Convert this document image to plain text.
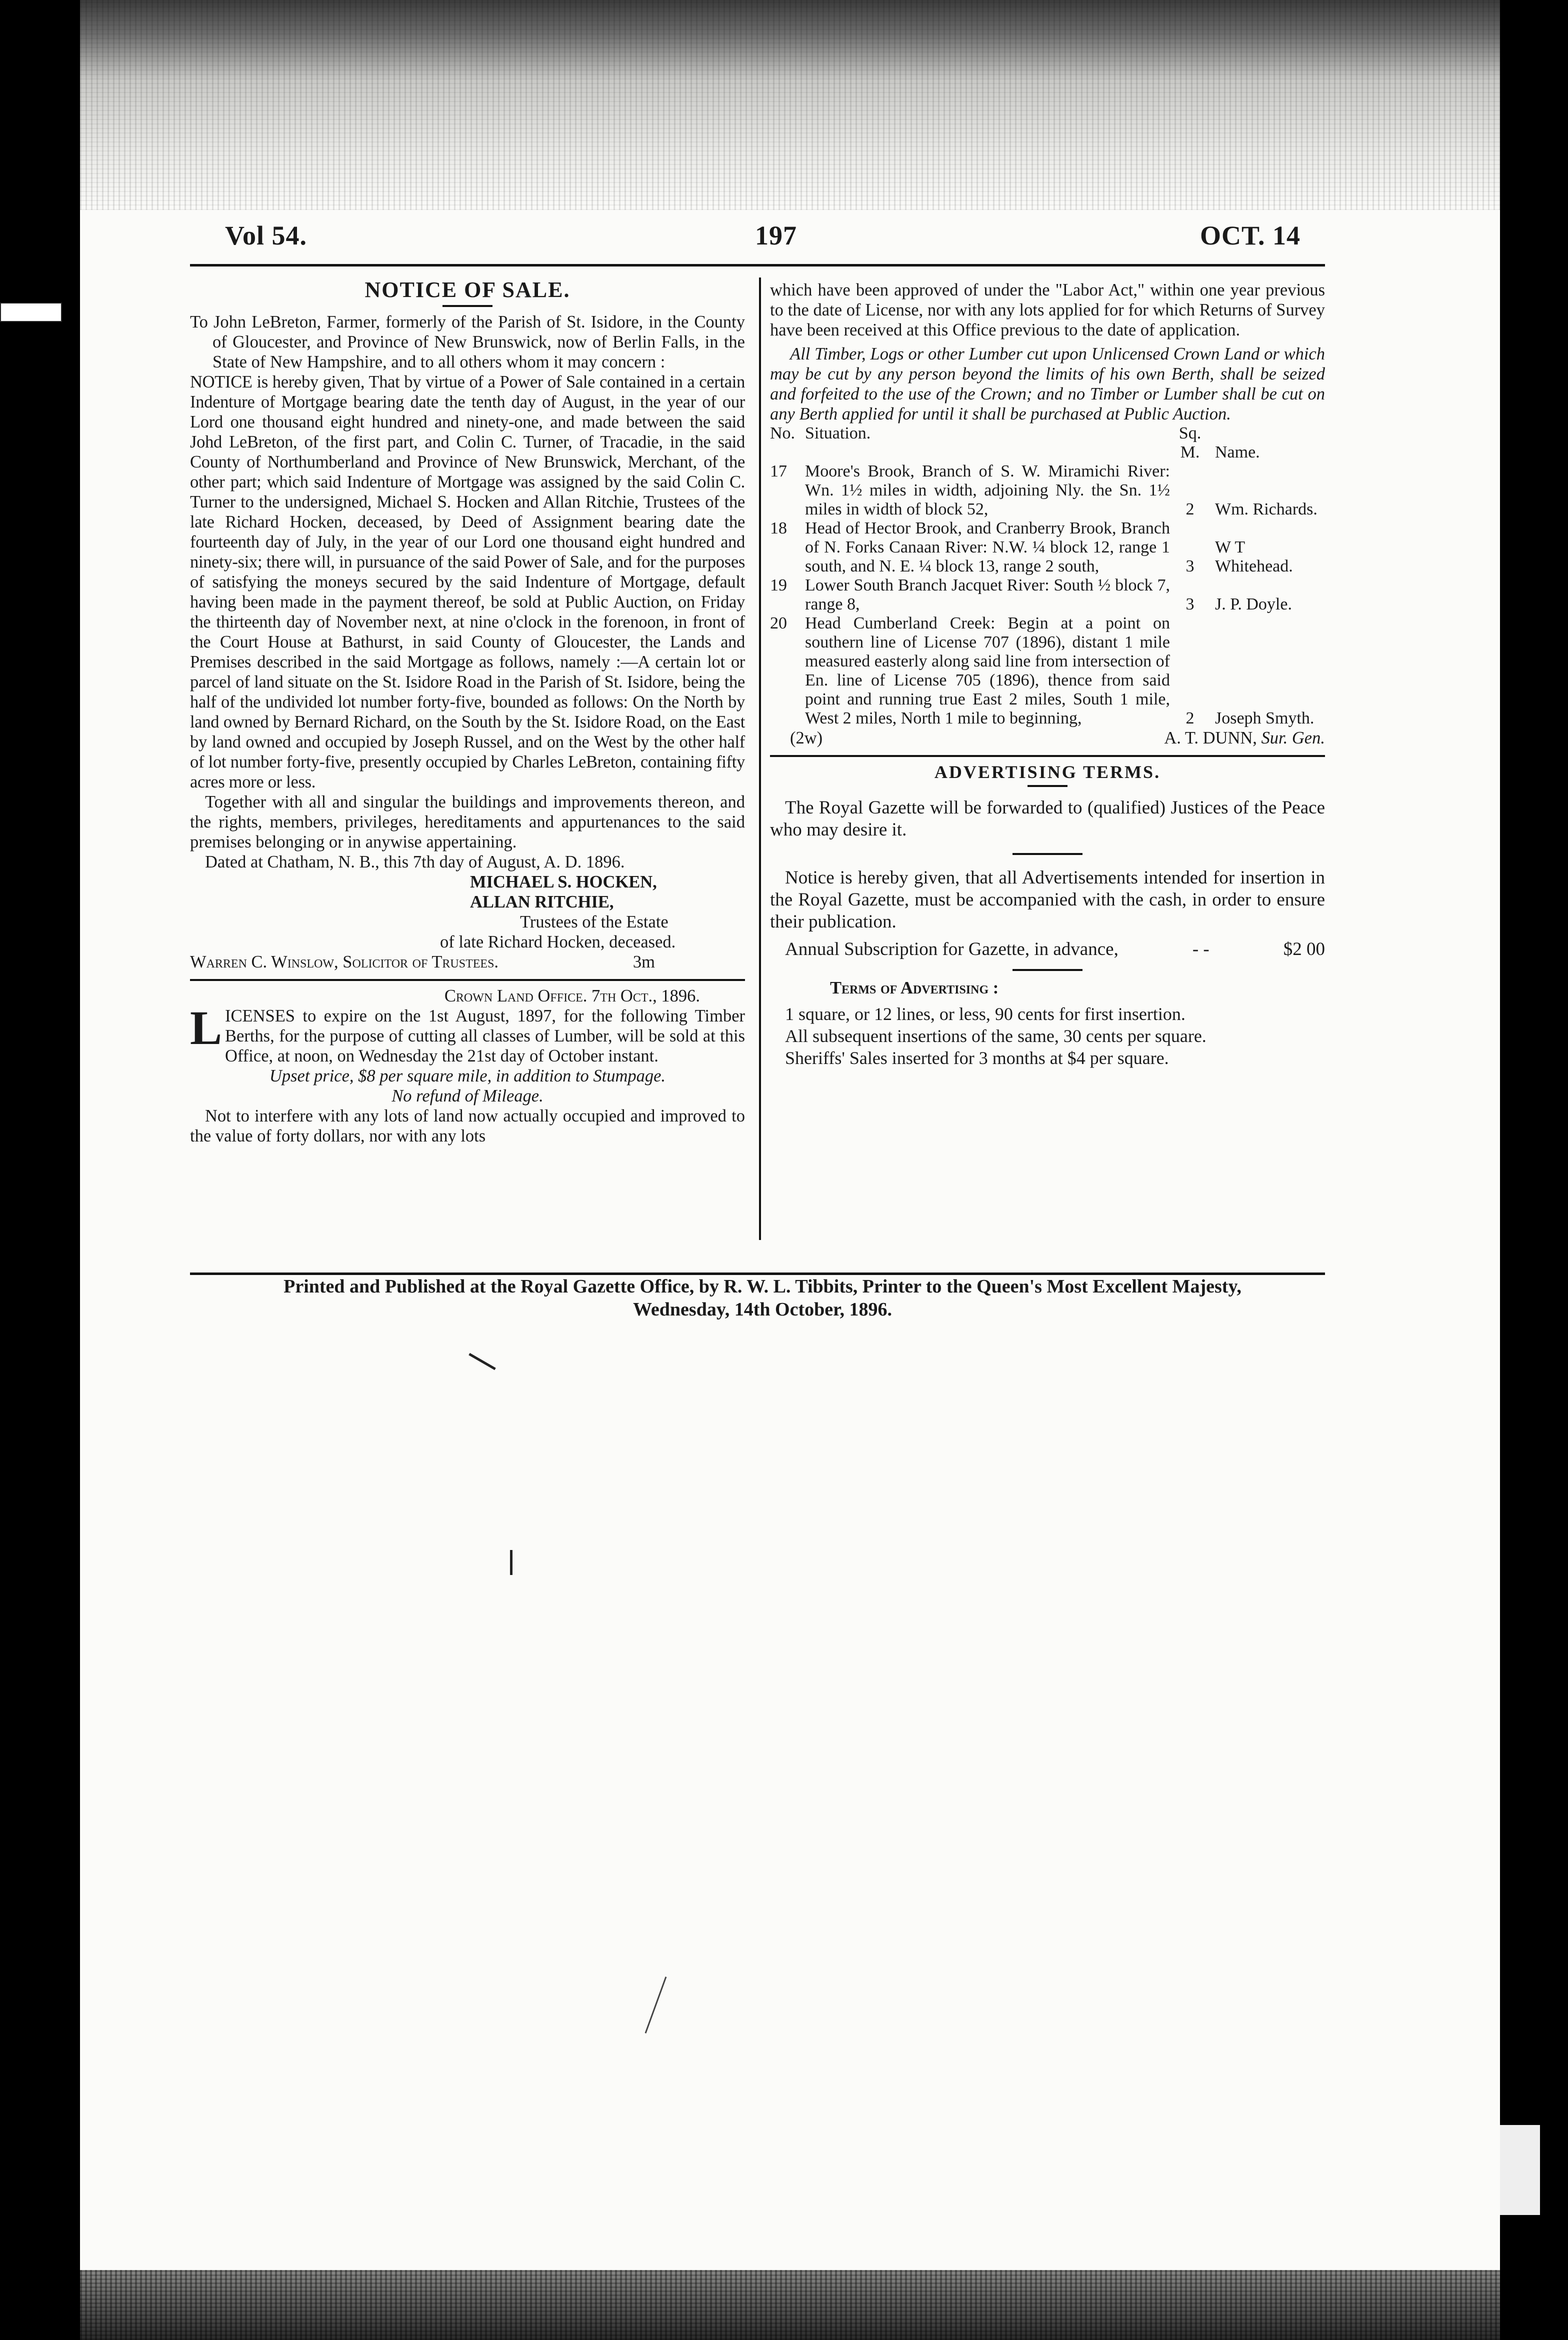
Vol 54.	197	OCT. 14
NOTICE OF SALE.

To John LeBreton, Farmer, formerly of the Parish of St. Isidore, in the County of Gloucester, and Province of New Brunswick, now of Berlin Falls, in the State of New Hampshire, and to all others whom it may concern :

NOTICE is hereby given, That by virtue of a Power of Sale contained in a certain Indenture of Mortgage bearing date the tenth day of August, in the year of our Lord one thousand eight hundred and ninety-one, and made between the said Johd LeBreton, of the first part, and Colin C. Turner, of Tracadie, in the said County of Northumberland and Province of New Brunswick, Merchant, of the other part; which said Indenture of Mortgage was assigned by the said Colin C. Turner to the undersigned, Michael S. Hocken and Allan Ritchie, Trustees of the late Richard Hocken, deceased, by Deed of Assignment bearing date the fourteenth day of July, in the year of our Lord one thousand eight hundred and ninety-six; there will, in pursuance of the said Power of Sale, and for the purposes of satisfying the moneys secured by the said Indenture of Mortgage, default having been made in the payment thereof, be sold at Public Auction, on Friday the thirteenth day of November next, at nine o'clock in the forenoon, in front of the Court House at Bathurst, in said County of Gloucester, the Lands and Premises described in the said Mortgage as follows, namely :—A certain lot or parcel of land situate on the St. Isidore Road in the Parish of St. Isidore, being the half of the undivided lot number forty-five, bounded as follows: On the North by land owned by Bernard Richard, on the South by the St. Isidore Road, on the East by land owned and occupied by Joseph Russel, and on the West by the other half of lot number forty-five, presently occupied by Charles LeBreton, containing fifty acres more or less.

Together with all and singular the buildings and improvements thereon, and the rights, members, privileges, hereditaments and appurtenances to the said premises belonging or in anywise appertaining.

Dated at Chatham, N. B., this 7th day of August, A. D. 1896.

MICHAEL S. HOCKEN,

ALLAN RITCHIE,

Trustees of the Estate

of late Richard Hocken, deceased.

Warren C. Winslow, Solicitor of Trustees.	3m

Crown Land Office. 7th Oct., 1896.

LICENSES to expire on the 1st August, 1897, for the following Timber Berths, for the purpose of cutting all classes of Lumber, will be sold at this Office, at noon, on Wednesday the 21st day of October instant.

Upset price, $8 per square mile, in addition to Stumpage.

No refund of Mileage.

Not to interfere with any lots of land now actually occupied and improved to the value of forty dollars, nor with any lots

which have been approved of under the "Labor Act," within one year previous to the date of License, nor with any lots applied for for which Returns of Survey have been received at this Office previous to the date of application.

All Timber, Logs or other Lumber cut upon Unlicensed Crown Land or which may be cut by any person beyond the limits of his own Berth, shall be seized and forfeited to the use of the Crown; and no Timber or Lumber shall be cut on any Berth applied for until it shall be purchased at Public Auction.

No.	Situation.	Sq. M.	Name.
17	Moore's Brook, Branch of S. W. Miramichi River: Wn. 1½ miles in width, adjoining Nly. the Sn. 1½ miles in width of block 52,	2	Wm. Richards.
18	Head of Hector Brook, and Cranberry Brook, Branch of N. Forks Canaan River: N.W. ¼ block 12, range 1 south, and N. E. ¼ block 13, range 2 south,	3	W T Whitehead.
19	Lower South Branch Jacquet River: South ½ block 7, range 8,	3	J. P. Doyle.
20	Head Cumberland Creek: Begin at a point on southern line of License 707 (1896), distant 1 mile measured easterly along said line from intersection of En. line of License 705 (1896), thence from said point and running true East 2 miles, South 1 mile, West 2 miles, North 1 mile to beginning,	2	Joseph Smyth.

(2w)	A. T. DUNN, Sur. Gen.

ADVERTISING TERMS.

The Royal Gazette will be forwarded to (qualified) Justices of the Peace who may desire it.

Notice is hereby given, that all Advertisements intended for insertion in the Royal Gazette, must be accompanied with the cash, in order to ensure their publication.

Annual Subscription for Gazette, in advance,	- -	$2 00

Terms of Advertising :

1 square, or 12 lines, or less, 90 cents for first insertion.

All subsequent insertions of the same, 30 cents per square.

Sheriffs' Sales inserted for 3 months at $4 per square.

Printed and Published at the Royal Gazette Office, by R. W. L. Tibbits, Printer to the Queen's Most Excellent Majesty,
Wednesday, 14th October, 1896.
